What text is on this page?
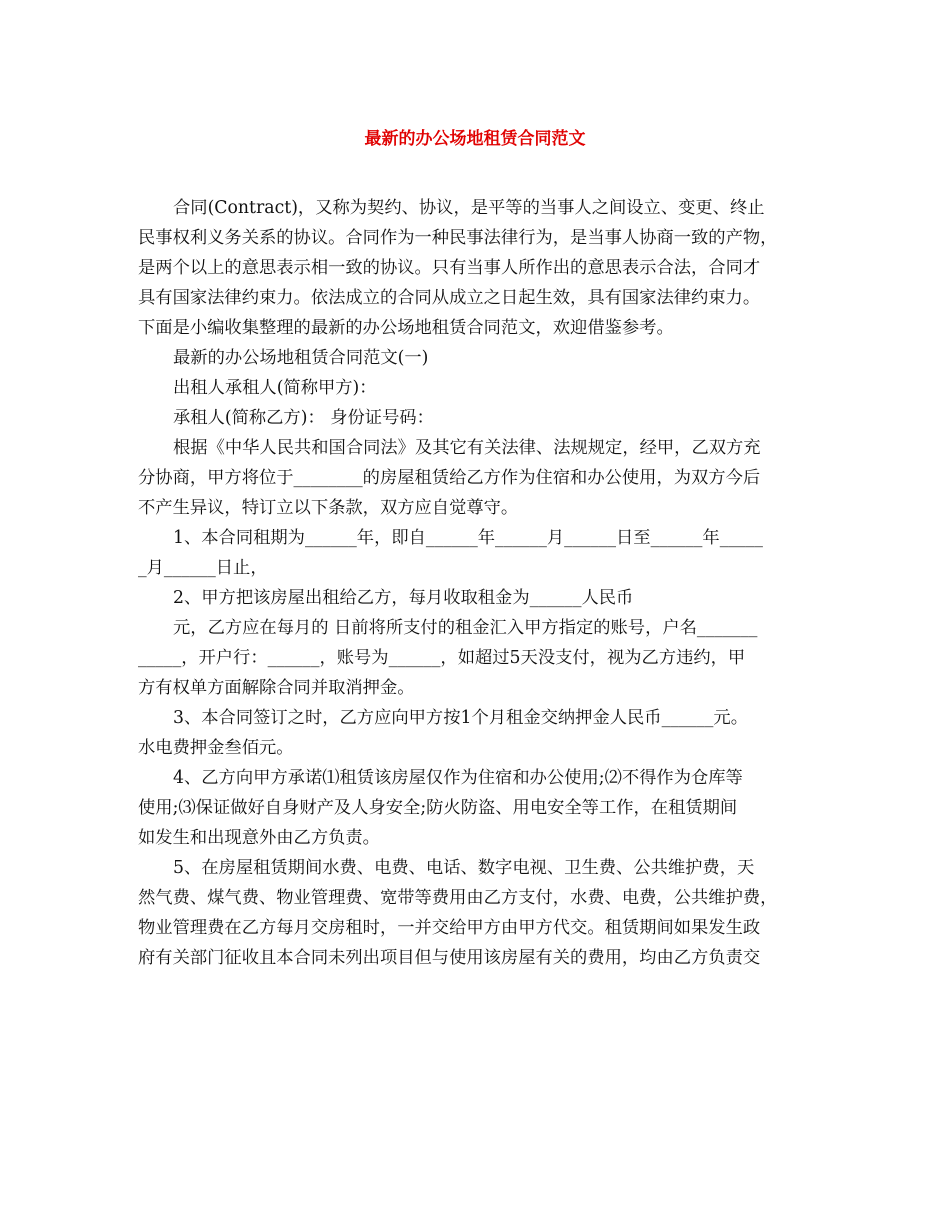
最新的办公场地租赁合同范文
合同(Contract)，又称为契约、协议，是平等的当事人之间设立、变更、终止
民事权利义务关系的协议。合同作为一种民事法律行为，是当事人协商一致的产物，
是两个以上的意思表示相一致的协议。只有当事人所作出的意思表示合法，合同才
具有国家法律约束力。依法成立的合同从成立之日起生效，具有国家法律约束力。
下面是小编收集整理的最新的办公场地租赁合同范文，欢迎借鉴参考。
最新的办公场地租赁合同范文(一)
出租人承租人(简称甲方)：
承租人(简称乙方)： 身份证号码：
根据《中华人民共和国合同法》及其它有关法律、法规规定，经甲，乙双方充
分协商，甲方将位于________的房屋租赁给乙方作为住宿和办公使用，为双方今后
不产生异议，特订立以下条款，双方应自觉尊守。
1、本合同租期为______年，即自______年______月______日至______年_____
_月______日止，
2、甲方把该房屋出租给乙方，每月收取租金为______人民币
元，乙方应在每月的 日前将所支付的租金汇入甲方指定的账号，户名_______
_____，开户行：______，账号为______，如超过5天没支付，视为乙方违约，甲
方有权单方面解除合同并取消押金。
3、本合同签订之时，乙方应向甲方按1个月租金交纳押金人民币______元。
水电费押金叁佰元。
4、乙方向甲方承诺⑴租赁该房屋仅作为住宿和办公使用;⑵不得作为仓库等
使用;⑶保证做好自身财产及人身安全;防火防盗、用电安全等工作，在租赁期间
如发生和出现意外由乙方负责。
5、在房屋租赁期间水费、电费、电话、数字电视、卫生费、公共维护费，天
然气费、煤气费、物业管理费、宽带等费用由乙方支付，水费、电费，公共维护费，
物业管理费在乙方每月交房租时，一并交给甲方由甲方代交。租赁期间如果发生政
府有关部门征收且本合同未列出项目但与使用该房屋有关的费用，均由乙方负责交
